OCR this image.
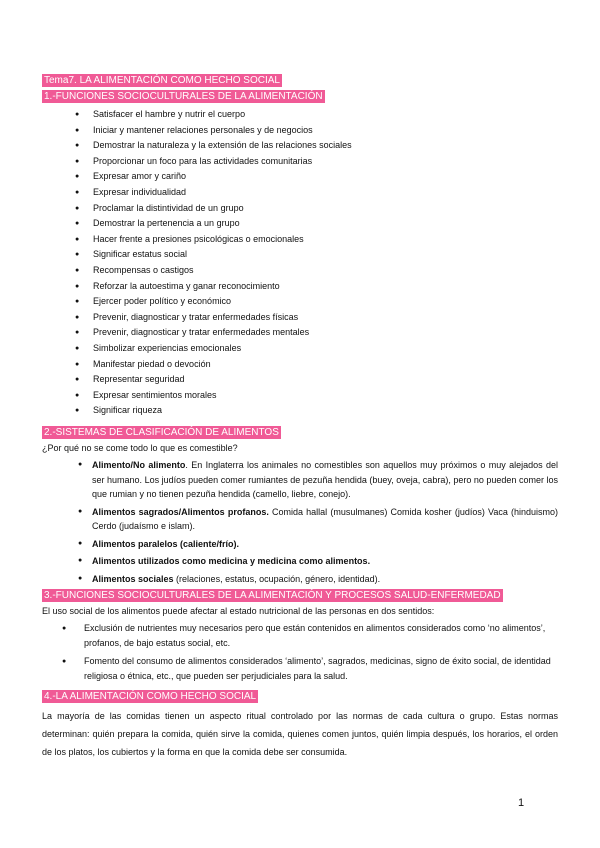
Tema7. LA ALIMENTACIÓN COMO HECHO SOCIAL
1.-FUNCIONES SOCIOCULTURALES DE LA ALIMENTACIÓN
● Satisfacer el hambre y nutrir el cuerpo
● Iniciar y mantener relaciones personales y de negocios
● Demostrar la naturaleza y la extensión de las relaciones sociales
● Proporcionar un foco para las actividades comunitarias
● Expresar amor y cariño
● Expresar individualidad
● Proclamar la distintividad de un grupo
● Demostrar la pertenencia a un grupo
● Hacer frente a presiones psicológicas o emocionales
● Significar estatus social
● Recompensas o castigos
● Reforzar la autoestima y ganar reconocimiento
● Ejercer poder político y económico
● Prevenir, diagnosticar y tratar enfermedades físicas
● Prevenir, diagnosticar y tratar enfermedades mentales
● Simbolizar experiencias emocionales
● Manifestar piedad o devoción
● Representar seguridad
● Expresar sentimientos morales
● Significar riqueza
2.-SISTEMAS DE CLASIFICACIÓN DE ALIMENTOS
¿Por qué no se come todo lo que es comestible?
● Alimento/No alimento. En Inglaterra los animales no comestibles son aquellos muy próximos o muy alejados del ser humano. Los judíos pueden comer rumiantes de pezuña hendida (buey, oveja, cabra), pero no pueden comer los que rumian y no tienen pezuña hendida (camello, liebre, conejo).
● Alimentos sagrados/Alimentos profanos. Comida hallal (musulmanes) Comida kosher (judíos) Vaca (hinduismo) Cerdo (judaísmo e islam).
● Alimentos paralelos (caliente/frío).
● Alimentos utilizados como medicina y medicina como alimentos.
● Alimentos sociales (relaciones, estatus, ocupación, género, identidad).
3.-FUNCIONES SOCIOCULTURALES DE LA ALIMENTACIÓN Y PROCESOS SALUD-ENFERMEDAD
El uso social de los alimentos puede afectar al estado nutricional de las personas en dos sentidos:
● Exclusión de nutrientes muy necesarios pero que están contenidos en alimentos considerados como ‘no alimentos’, profanos, de bajo estatus social, etc.
● Fomento del consumo de alimentos considerados ‘alimento’, sagrados, medicinas, signo de éxito social, de identidad religiosa o étnica, etc., que pueden ser perjudiciales para la salud.
4.-LA ALIMENTACIÓN COMO HECHO SOCIAL
La mayoría de las comidas tienen un aspecto ritual controlado por las normas de cada cultura o grupo. Estas normas determinan: quién prepara la comida, quién sirve la comida, quienes comen juntos, quién limpia después, los horarios, el orden de los platos, los cubiertos y la forma en que la comida debe ser consumida.
1
